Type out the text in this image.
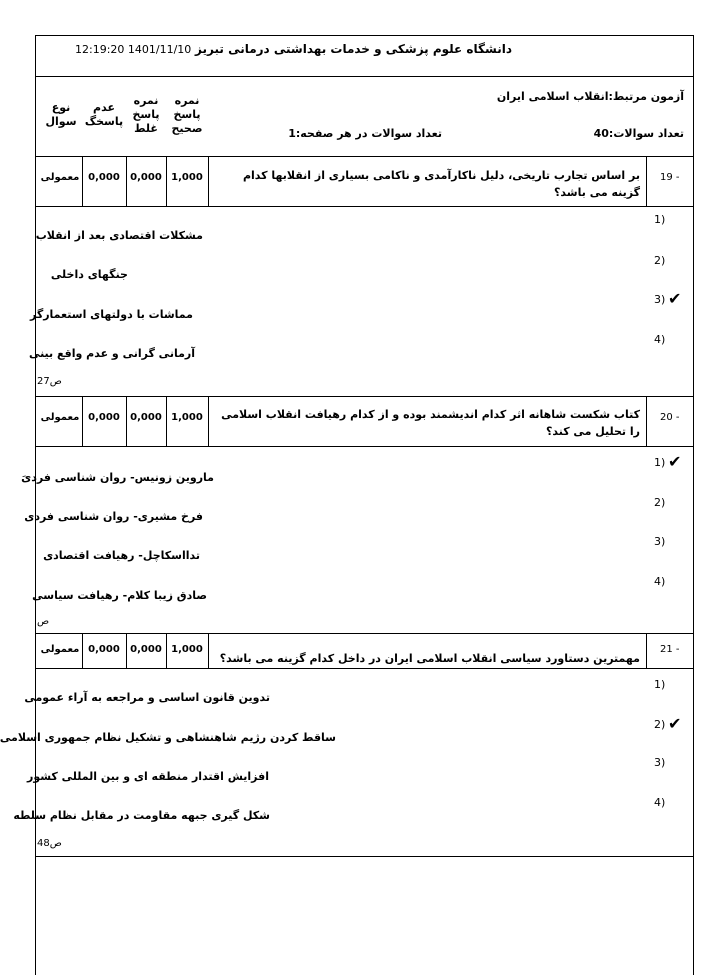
12:19:20 1401/11/10 دانشگاه علوم پزشکی و خدمات بهداشتی درمانی تبریز
آزمون مرتبط:انقلاب اسلامی ایران
تعداد سوالات:40
تعداد سوالات در هر صفحه:1
نمره
پاسخ
صحیح
نمره
پاسخ
غلط
عدم
پاسخگ
نوع
سوال
19 -
بر اساس تجارب تاریخی، دلیل ناکارآمدی و ناکامی بسیاری از انقلابها کدام گزینه می باشد؟
1,000
0,000
0,000
معمولی
1)
مشکلات اقتصادی بعد از انقلاب
2)
جنگهای داخلی
✔
3)
مماشات با دولتهای استعمارگر
4)
آرمانی گرانی و عدم واقع بینی
ص27
20 -
کتاب شکست شاهانه اثر کدام اندیشمند بوده و از کدام رهیافت انقلاب اسلامی را تحلیل می کند؟
1,000
0,000
0,000
معمولی
✔
1)
ماروین زونیس- روان شناسی فردیَ
2)
فرخ مشیری- روان شناسی فردی
3)
تدااسکاچل- رهیافت اقتصادی
4)
صادق زیبا کلام- رهیافت سیاسی
ص
21 -
مهمترین دستاورد سیاسی انقلاب اسلامی ایران در داخل کدام گزینه می باشد؟
1,000
0,000
0,000
معمولی
1)
تدوین قانون اساسی و مراجعه به آراء عمومی
✔
2)
ساقط کردن رژیم شاهنشاهی و تشکیل نظام جمهوری اسلامی
3)
افزایش اقتدار منطقه ای و بین المللی کشور
4)
شکل گیری جبهه مقاومت در مقابل نظام سلطه
ص48
